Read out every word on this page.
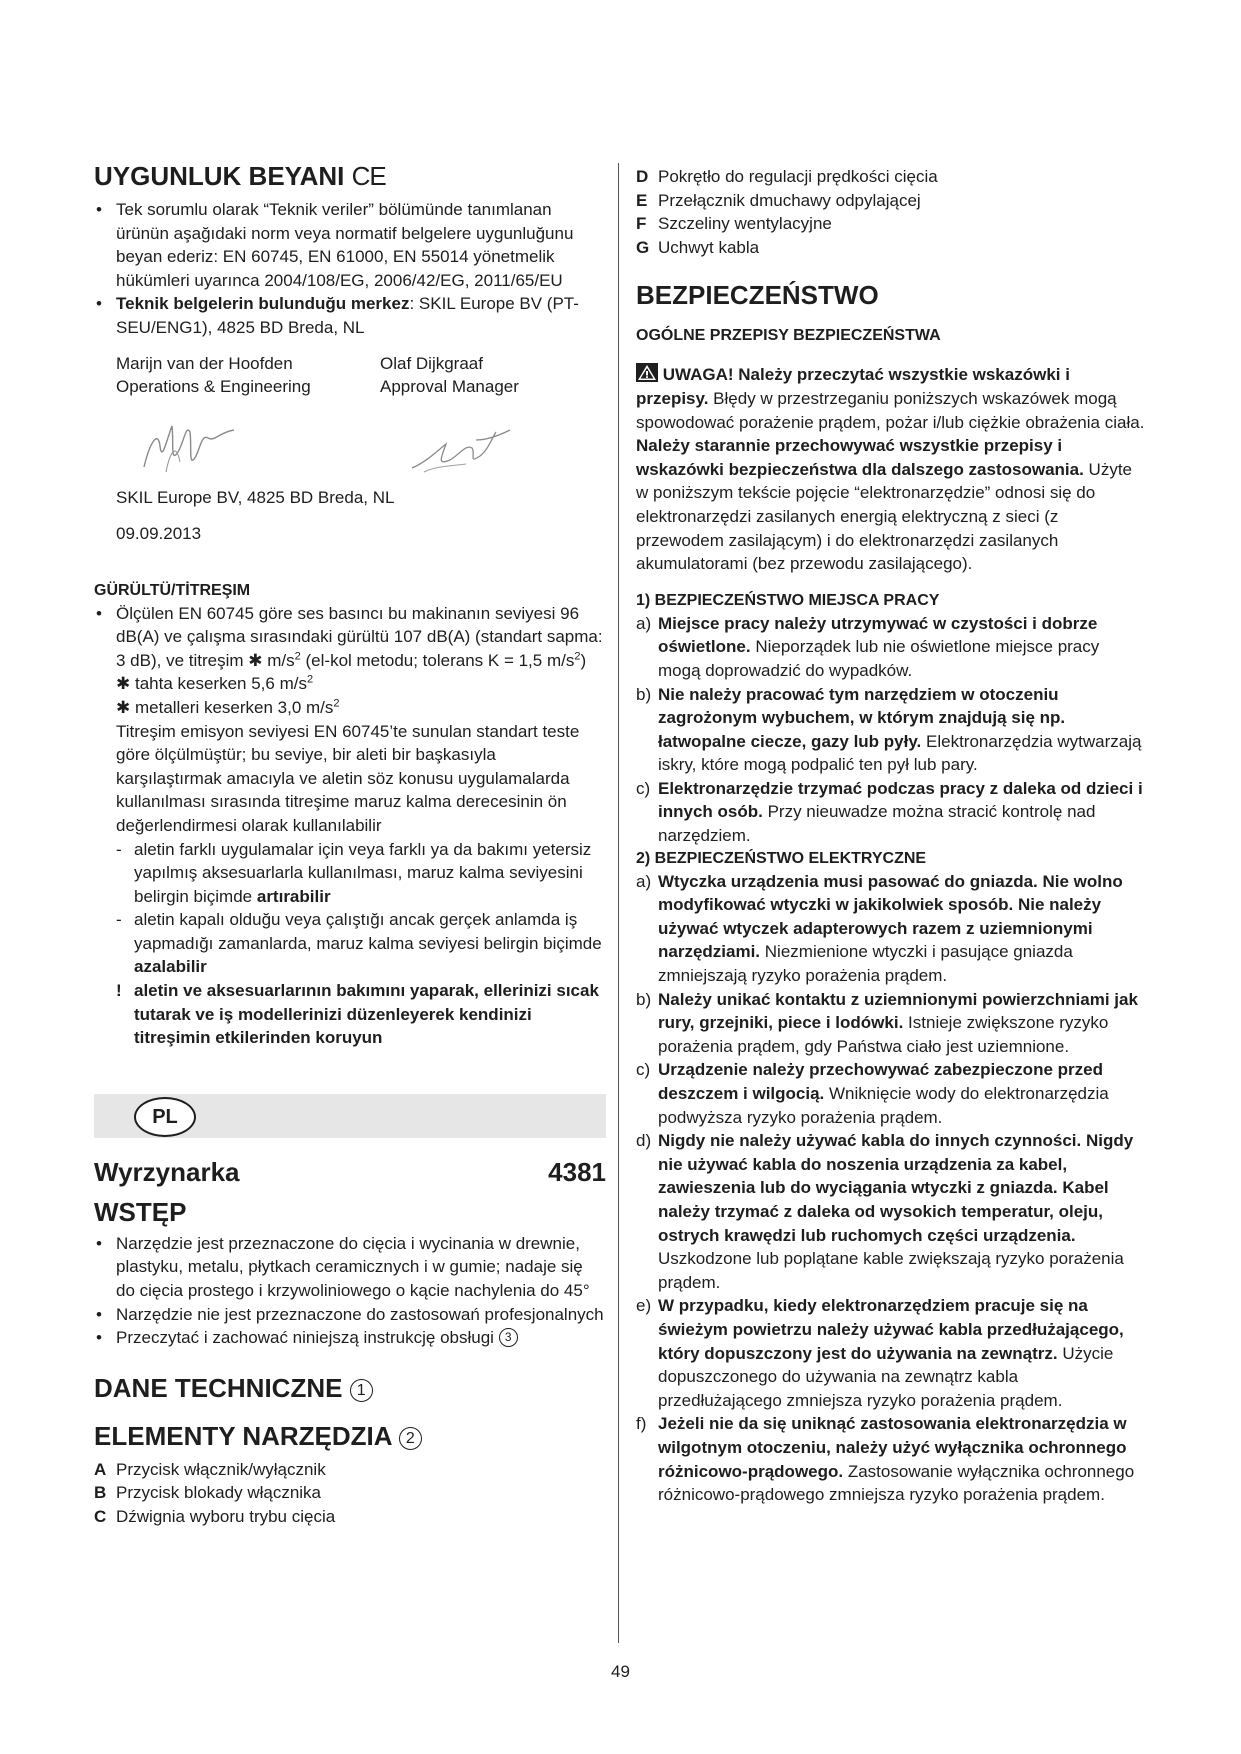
UYGUNLUK BEYANI CE

• Tek sorumlu olarak “Teknik veriler” bölümünde tanımlanan ürünün aşağıdaki norm veya normatif belgelere uygunluğunu beyan ederiz: EN 60745, EN 61000, EN 55014 yönetmelik hükümleri uyarınca 2004/108/EG, 2006/42/EG, 2011/65/EU

• Teknik belgelerin bulunduğu merkez: SKIL Europe BV (PT-SEU/ENG1), 4825 BD Breda, NL

Marijn van der Hoofden
Operations & Engineering
Olaf Dijkgraaf
Approval Manager
SKIL Europe BV, 4825 BD Breda, NL
09.09.2013
GÜRÜLTÜ/TİTREŞIM

• Ölçülen EN 60745 göre ses basıncı bu makinanın seviyesi 96 dB(A) ve çalışma sırasındaki gürültü 107 dB(A) (standart sapma: 3 dB), ve titreşim ✱ $m/s^2$ (el-kol metodu; tolerans K = 1,5 $m/s^2$)

✱ tahta keserken 5,6 $m/s^2$

✱ metalleri keserken 3,0 $m/s^2$

Titreşim emisyon seviyesi EN 60745’te sunulan standart teste göre ölçülmüştür; bu seviye, bir aleti bir başkasıyla karşılaştırmak amacıyla ve aletin söz konusu uygulamalarda kullanılması sırasında titreşime maruz kalma derecesinin ön değerlendirmesi olarak kullanılabilir

- aletin farklı uygulamalar için veya farklı ya da bakımı yetersiz yapılmış aksesuarlarla kullanılması, maruz kalma seviyesini belirgin biçimde artırabilir

- aletin kapalı olduğu veya çalıştığı ancak gerçek anlamda iş yapmadığı zamanlarda, maruz kalma seviyesi belirgin biçimde azalabilir

! aletin ve aksesuarlarının bakımını yaparak, ellerinizi sıcak tutarak ve iş modellerinizi düzenleyerek kendinizi titreşimin etkilerinden koruyun

PL
Wyrzynarka	4381
WSTĘP

• Narzędzie jest przeznaczone do cięcia i wycinania w drewnie, plastyku, metalu, płytkach ceramicznych i w gumie; nadaje się do cięcia prostego i krzywoliniowego o kącie nachylenia do 45°

• Narzędzie nie jest przeznaczone do zastosowań profesjonalnych

• Przeczytać i zachować niniejszą instrukcję obsługi 3

DANE TECHNICZNE 1
ELEMENTY NARZĘDZIA 2

A Przycisk włącznik/wyłącznik

B Przycisk blokady włącznika

C Dźwignia wyboru trybu cięcia

D Pokrętło do regulacji prędkości cięcia

E Przełącznik dmuchawy odpylającej

F Szczeliny wentylacyjne

G Uchwyt kabla

BEZPIECZEŃSTWO
OGÓLNE PRZEPISY BEZPIECZEŃSTWA

UWAGA! Należy przeczytać wszystkie wskazówki i przepisy. Błędy w przestrzeganiu poniższych wskazówek mogą spowodować porażenie prądem, pożar i/lub ciężkie obrażenia ciała. Należy starannie przechowywać wszystkie przepisy i wskazówki bezpieczeństwa dla dalszego zastosowania. Użyte w poniższym tekście pojęcie “elektronarzędzie” odnosi się do elektronarzędzi zasilanych energią elektryczną z sieci (z przewodem zasilającym) i do elektronarzędzi zasilanych akumulatorami (bez przewodu zasilającego).

1) BEZPIECZEŃSTWO MIEJSCA PRACY

a) Miejsce pracy należy utrzymywać w czystości i dobrze oświetlone. Nieporządek lub nie oświetlone miejsce pracy mogą doprowadzić do wypadków.

b) Nie należy pracować tym narzędziem w otoczeniu zagrożonym wybuchem, w którym znajdują się np. łatwopalne ciecze, gazy lub pyły. Elektronarzędzia wytwarzają iskry, które mogą podpalić ten pył lub pary.

c) Elektronarzędzie trzymać podczas pracy z daleka od dzieci i innych osób. Przy nieuwadze można stracić kontrolę nad narzędziem.

2) BEZPIECZEŃSTWO ELEKTRYCZNE

a) Wtyczka urządzenia musi pasować do gniazda. Nie wolno modyfikować wtyczki w jakikolwiek sposób. Nie należy używać wtyczek adapterowych razem z uziemnionymi narzędziami. Niezmienione wtyczki i pasujące gniazda zmniejszają ryzyko porażenia prądem.

b) Należy unikać kontaktu z uziemnionymi powierzchniami jak rury, grzejniki, piece i lodówki. Istnieje zwiększone ryzyko porażenia prądem, gdy Państwa ciało jest uziemnione.

c) Urządzenie należy przechowywać zabezpieczone przed deszczem i wilgocią. Wniknięcie wody do elektronarzędzia podwyższa ryzyko porażenia prądem.

d) Nigdy nie należy używać kabla do innych czynności. Nigdy nie używać kabla do noszenia urządzenia za kabel, zawieszenia lub do wyciągania wtyczki z gniazda. Kabel należy trzymać z daleka od wysokich temperatur, oleju, ostrych krawędzi lub ruchomych części urządzenia. Uszkodzone lub poplątane kable zwiększają ryzyko porażenia prądem.

e) W przypadku, kiedy elektronarzędziem pracuje się na świeżym powietrzu należy używać kabla przedłużającego, który dopuszczony jest do używania na zewnątrz. Użycie dopuszczonego do używania na zewnątrz kabla przedłużającego zmniejsza ryzyko porażenia prądem.

f) Jeżeli nie da się uniknąć zastosowania elektronarzędzia w wilgotnym otoczeniu, należy użyć wyłącznika ochronnego różnicowo-prądowego. Zastosowanie wyłącznika ochronnego różnicowo-prądowego zmniejsza ryzyko porażenia prądem.

49
